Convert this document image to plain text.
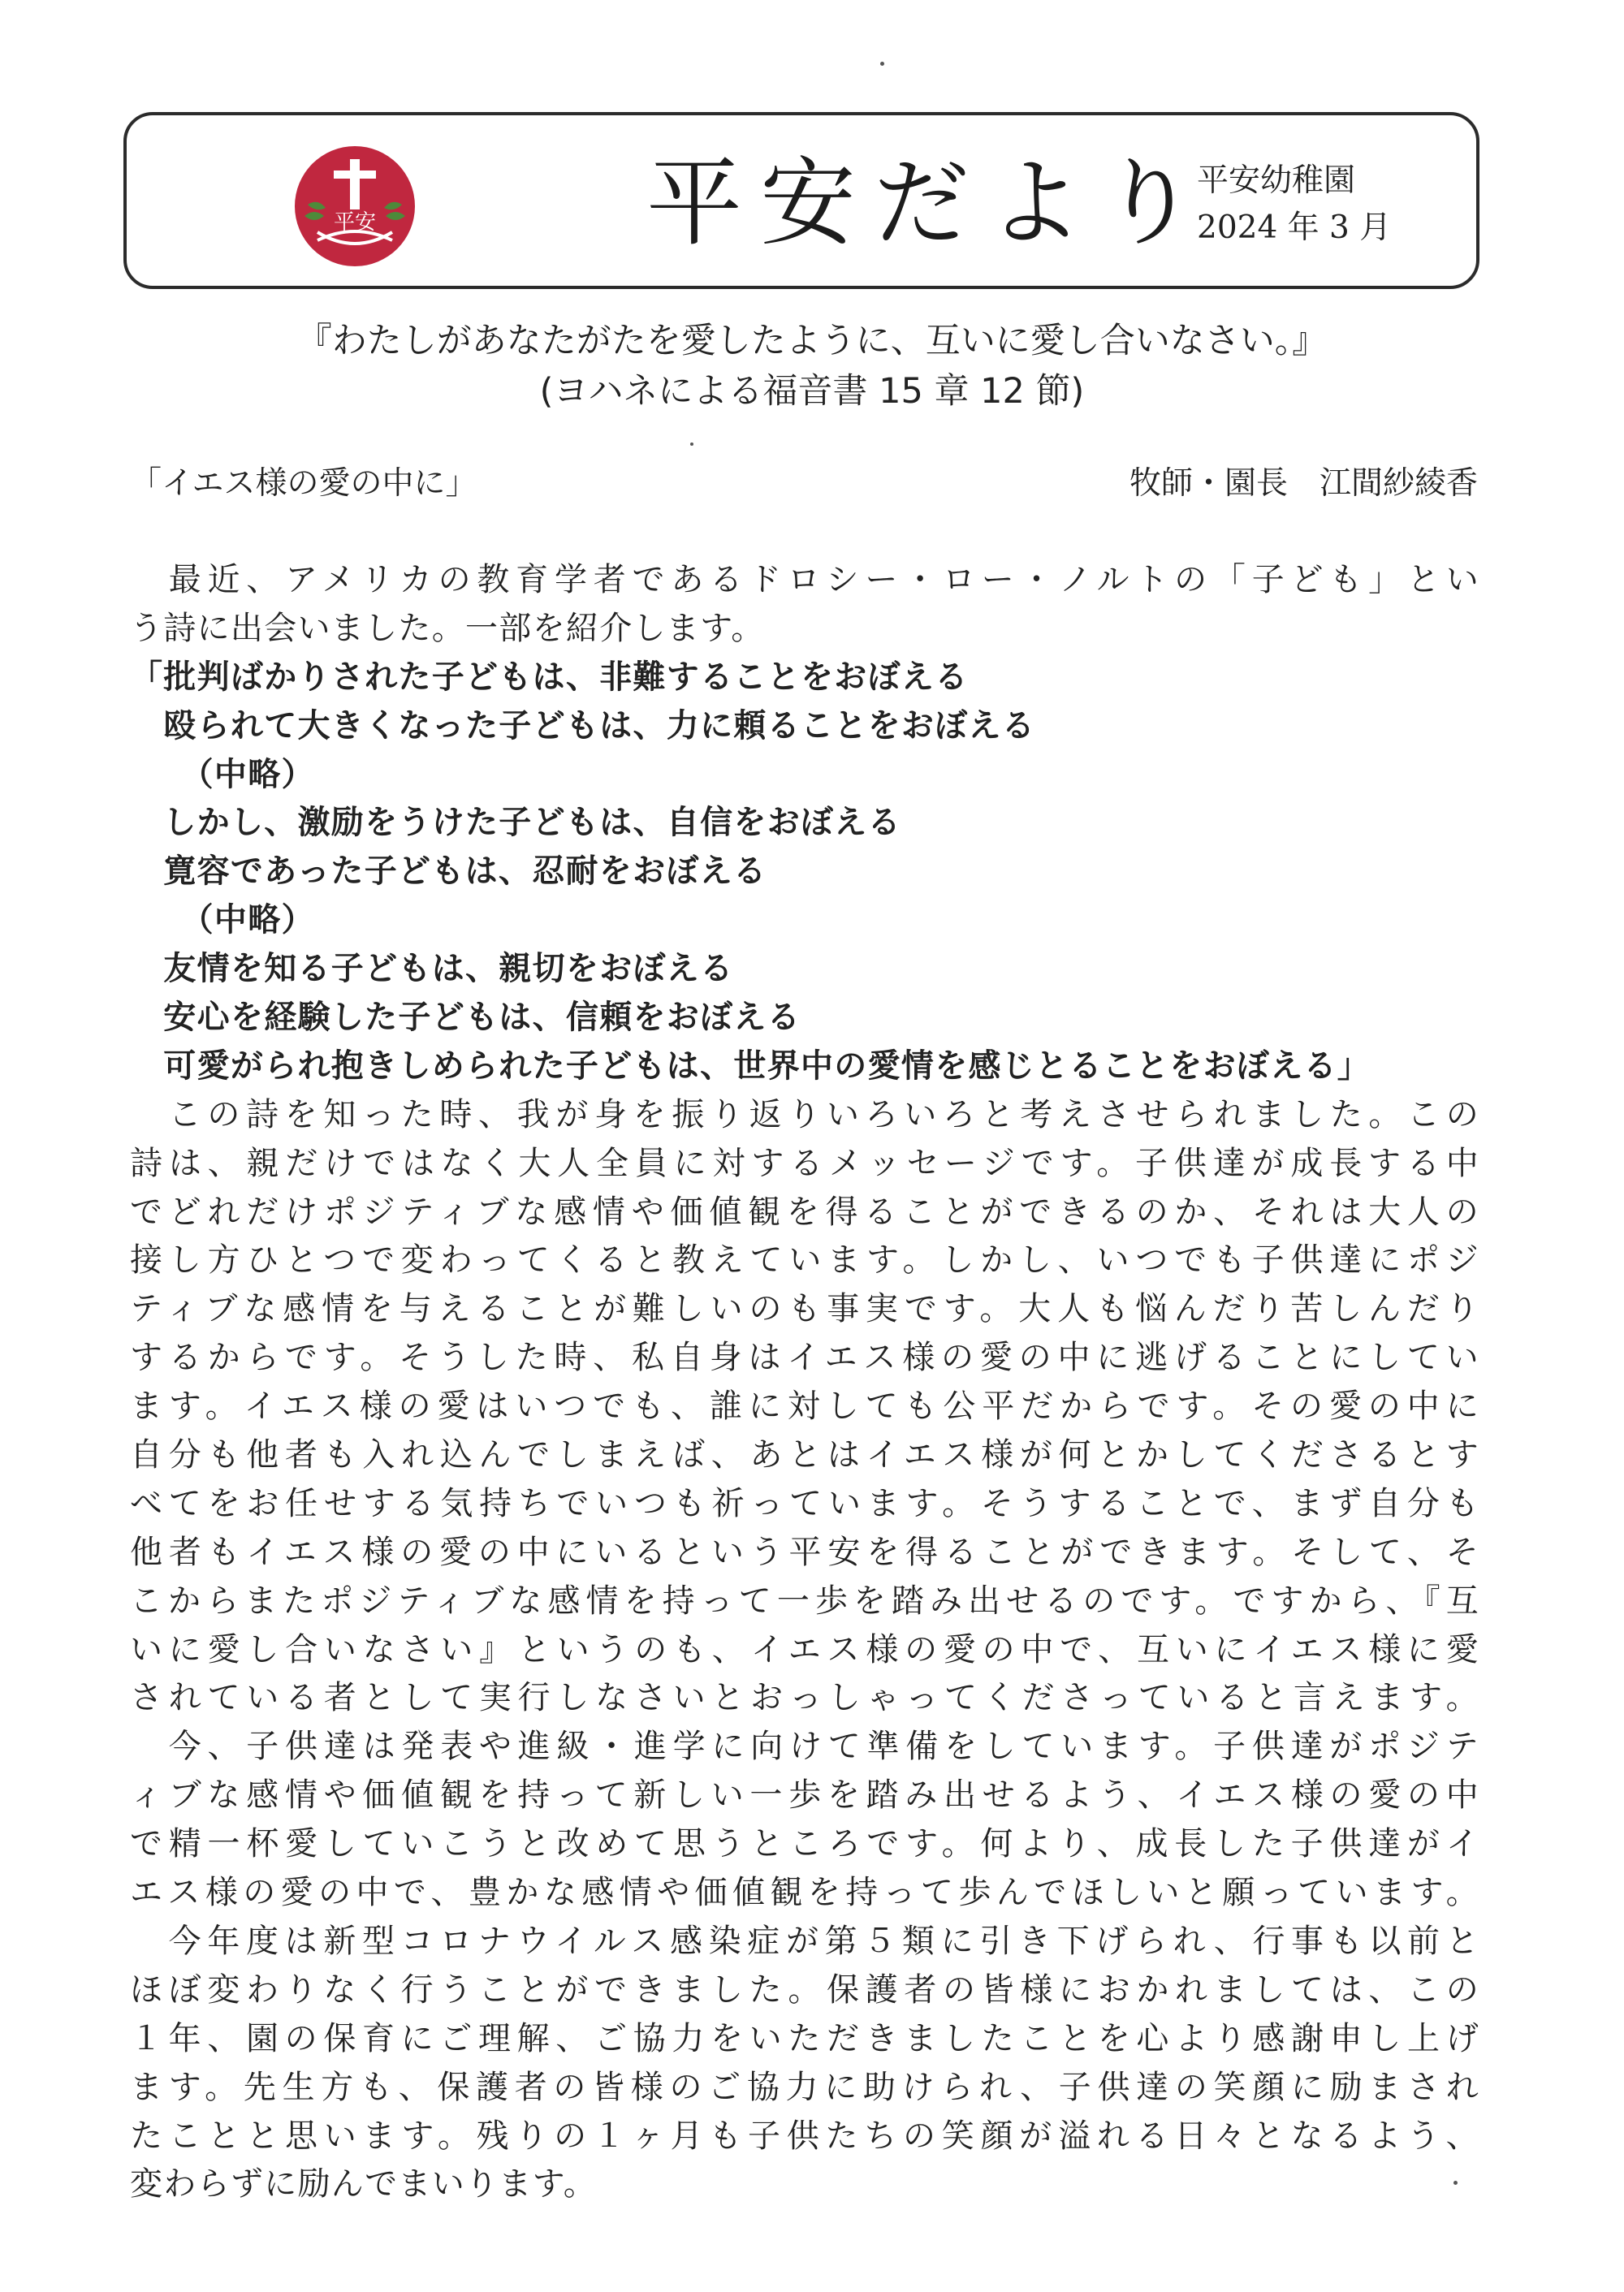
平安	平安だより
平安幼稚園
2024 年 3 月
『わたしがあなたがたを愛したように、互いに愛し合いなさい。』
(ヨハネによる福音書 15 章 12 節)
「イエス様の愛の中に」	牧師・園長　江間紗綾香
　最近、アメリカの教育学者であるドロシー・ロー・ノルトの「子ども」とい
う詩に出会いました。一部を紹介します。
「批判ばかりされた子どもは、非難することをおぼえる
　殴られて大きくなった子どもは、力に頼ることをおぼえる
　　（中略）
　しかし、激励をうけた子どもは、自信をおぼえる
　寛容であった子どもは、忍耐をおぼえる
　　（中略）
　友情を知る子どもは、親切をおぼえる
　安心を経験した子どもは、信頼をおぼえる
　可愛がられ抱きしめられた子どもは、世界中の愛情を感じとることをおぼえる」
　この詩を知った時、我が身を振り返りいろいろと考えさせられました。この
詩は、親だけではなく大人全員に対するメッセージです。子供達が成長する中
でどれだけポジティブな感情や価値観を得ることができるのか、それは大人の
接し方ひとつで変わってくると教えています。しかし、いつでも子供達にポジ
ティブな感情を与えることが難しいのも事実です。大人も悩んだり苦しんだり
するからです。そうした時、私自身はイエス様の愛の中に逃げることにしてい
ます。イエス様の愛はいつでも、誰に対しても公平だからです。その愛の中に
自分も他者も入れ込んでしまえば、あとはイエス様が何とかしてくださるとす
べてをお任せする気持ちでいつも祈っています。そうすることで、まず自分も
他者もイエス様の愛の中にいるという平安を得ることができます。そして、そ
こからまたポジティブな感情を持って一歩を踏み出せるのです。ですから、『互
いに愛し合いなさい』というのも、イエス様の愛の中で、互いにイエス様に愛
されている者として実行しなさいとおっしゃってくださっていると言えます。
　今、子供達は発表や進級・進学に向けて準備をしています。子供達がポジテ
ィブな感情や価値観を持って新しい一歩を踏み出せるよう、イエス様の愛の中
で精一杯愛していこうと改めて思うところです。何より、成長した子供達がイ
エス様の愛の中で、豊かな感情や価値観を持って歩んでほしいと願っています。
　今年度は新型コロナウイルス感染症が第５類に引き下げられ、行事も以前と
ほぼ変わりなく行うことができました。保護者の皆様におかれましては、この
１年、園の保育にご理解、ご協力をいただきましたことを心より感謝申し上げ
ます。先生方も、保護者の皆様のご協力に助けられ、子供達の笑顔に励まされ
たことと思います。残りの１ヶ月も子供たちの笑顔が溢れる日々となるよう、
変わらずに励んでまいります。
